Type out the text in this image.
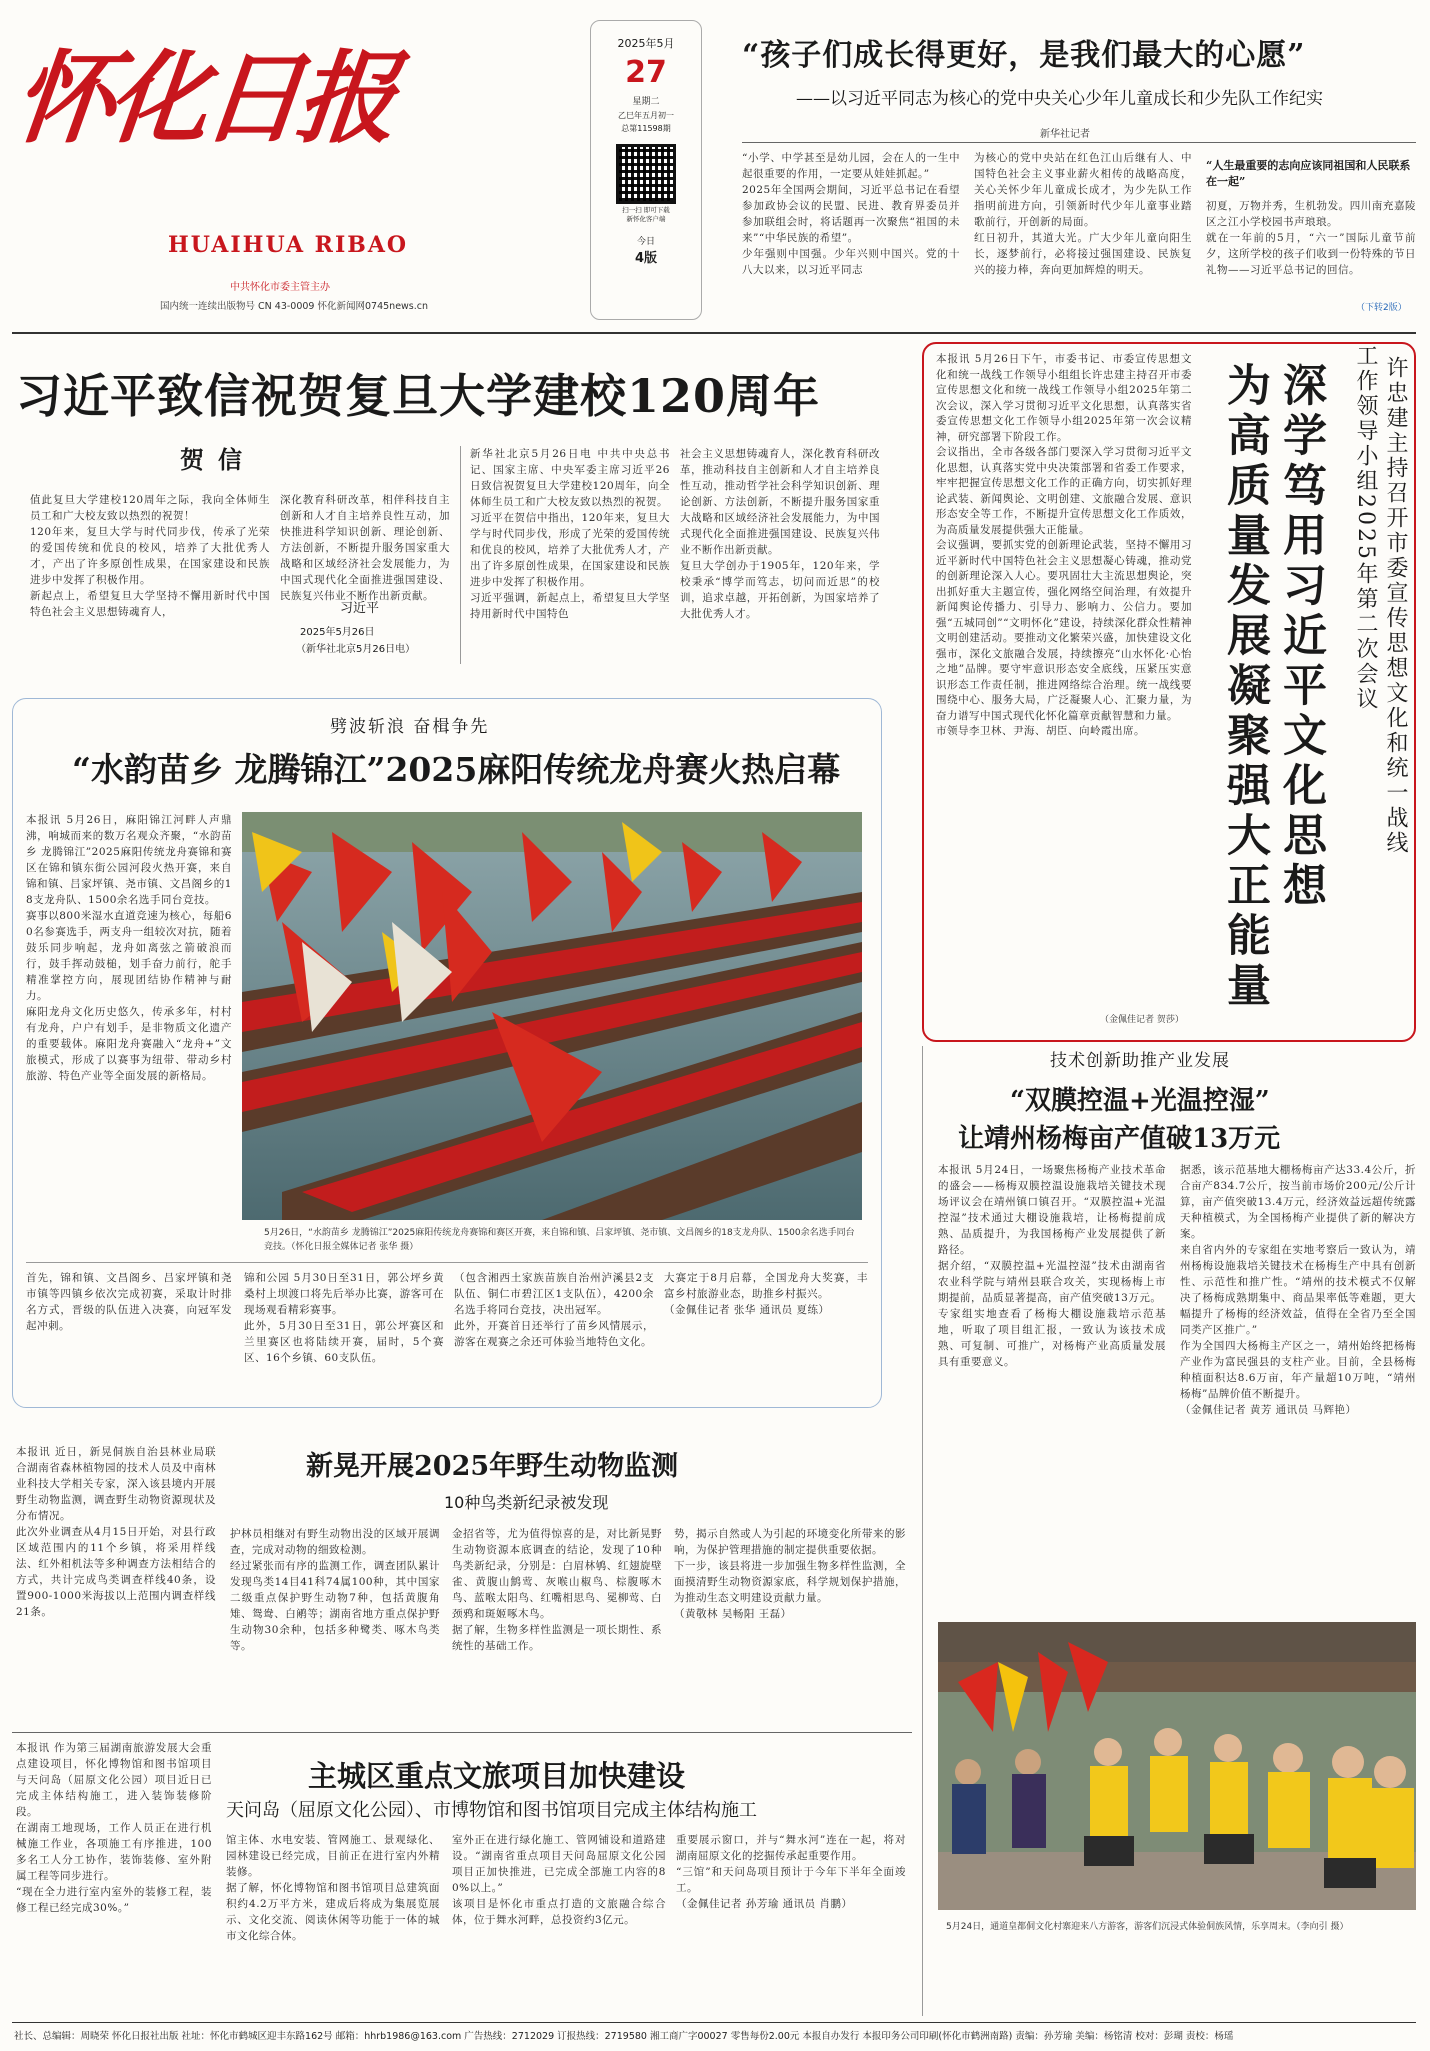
怀化日报
HUAIHUA RIBAO
中共怀化市委主管主办
国内统一连续出版物号 CN 43-0009 怀化新闻网0745news.cn
2025年5月
27
星期二
乙巳年五月初一
总第11598期
扫一扫 即可下载
新怀化客户端
今日
4版
“孩子们成长得更好，是我们最大的心愿”
——以习近平同志为核心的党中央关心少年儿童成长和少先队工作纪实
新华社记者
“小学、中学甚至是幼儿园，会在人的一生中起很重要的作用，一定要从娃娃抓起。”
2025年全国两会期间，习近平总书记在看望参加政协会议的民盟、民进、教育界委员并参加联组会时，将话题再一次聚焦“祖国的未来”“中华民族的希望”。
少年强则中国强。少年兴则中国兴。党的十八大以来，以习近平同志
为核心的党中央站在红色江山后继有人、中国特色社会主义事业薪火相传的战略高度，关心关怀少年儿童成长成才，为少先队工作指明前进方向，引领新时代少年儿童事业踏歌前行，开创新的局面。
红日初升，其道大光。广大少年儿童向阳生长，逐梦前行，必将接过强国建设、民族复兴的接力棒，奔向更加辉煌的明天。
“人生最重要的志向应该同祖国和人民联系在一起”
初夏，万物并秀，生机勃发。四川南充嘉陵区之江小学校园书声琅琅。
就在一年前的5月，“六一”国际儿童节前夕，这所学校的孩子们收到一份特殊的节日礼物——习近平总书记的回信。
（下转2版）
习近平致信祝贺复旦大学建校120周年
贺信
值此复旦大学建校120周年之际，我向全体师生员工和广大校友致以热烈的祝贺！
120年来，复旦大学与时代同步伐，传承了光荣的爱国传统和优良的校风，培养了大批优秀人才，产出了许多原创性成果，在国家建设和民族进步中发挥了积极作用。
新起点上，希望复旦大学坚持不懈用新时代中国特色社会主义思想铸魂育人，
深化教育科研改革，相伴科技自主创新和人才自主培养良性互动，加快推进科学知识创新、理论创新、方法创新，不断提升服务国家重大战略和区域经济社会发展能力，为中国式现代化全面推进强国建设、民族复兴伟业不断作出新贡献。
习近平
2025年5月26日
（新华社北京5月26日电）
新华社北京5月26日电 中共中央总书记、国家主席、中央军委主席习近平26日致信祝贺复旦大学建校120周年，向全体师生员工和广大校友致以热烈的祝贺。
习近平在贺信中指出，120年来，复旦大学与时代同步伐，形成了光荣的爱国传统和优良的校风，培养了大批优秀人才，产出了许多原创性成果，在国家建设和民族进步中发挥了积极作用。
习近平强调，新起点上，希望复旦大学坚持用新时代中国特色
社会主义思想铸魂育人，深化教育科研改革，推动科技自主创新和人才自主培养良性互动，推动哲学社会科学知识创新、理论创新、方法创新，不断提升服务国家重大战略和区域经济社会发展能力，为中国式现代化全面推进强国建设、民族复兴伟业不断作出新贡献。
复旦大学创办于1905年，120年来，学校秉承“博学而笃志，切问而近思”的校训，追求卓越，开拓创新，为国家培养了大批优秀人才。	许忠建主持召开市委宣传思想文化和统一战线
工作领导小组2025年第二次会议
深学笃用习近平文化思想
为高质量发展凝聚强大正能量
本报讯 5月26日下午，市委书记、市委宣传思想文化和统一战线工作领导小组组长许忠建主持召开市委宣传思想文化和统一战线工作领导小组2025年第二次会议，深入学习贯彻习近平文化思想，认真落实省委宣传思想文化工作领导小组2025年第一次会议精神，研究部署下阶段工作。
会议指出，全市各级各部门要深入学习贯彻习近平文化思想，认真落实党中央决策部署和省委工作要求，牢牢把握宣传思想文化工作的正确方向，切实抓好理论武装、新闻舆论、文明创建、文旅融合发展、意识形态安全等工作，不断提升宣传思想文化工作质效，为高质量发展提供强大正能量。
会议强调，要抓实党的创新理论武装，坚持不懈用习近平新时代中国特色社会主义思想凝心铸魂，推动党的创新理论深入人心。要巩固壮大主流思想舆论，突出抓好重大主题宣传，强化网络空间治理，有效提升新闻舆论传播力、引导力、影响力、公信力。要加强“五城同创”“文明怀化”建设，持续深化群众性精神文明创建活动。要推动文化繁荣兴盛，加快建设文化强市，深化文旅融合发展，持续擦亮“山水怀化·心怡之地”品牌。要守牢意识形态安全底线，压紧压实意识形态工作责任制，推进网络综合治理。统一战线要围绕中心、服务大局，广泛凝聚人心、汇聚力量，为奋力谱写中国式现代化怀化篇章贡献智慧和力量。
市领导李卫林、尹海、胡臣、向岭霞出席。
（金佩佳记者 贺莎）
劈波斩浪 奋楫争先
“水韵苗乡 龙腾锦江”2025麻阳传统龙舟赛火热启幕
本报讯 5月26日，麻阳锦江河畔人声鼎沸，响城而来的数万名观众齐聚，“水韵苗乡 龙腾锦江”2025麻阳传统龙舟赛锦和赛区在锦和镇东街公园河段火热开赛，来自锦和镇、吕家坪镇、尧市镇、文昌阁乡的18支龙舟队、1500余名选手同台竞技。
赛事以800米湿水直道竞速为核心，每船60名参赛选手，两支舟一组较次对抗，随着鼓乐同步响起，龙舟如离弦之箭破浪而行，鼓手挥动鼓槌，划手奋力前行，舵手精准掌控方向，展现团结协作精神与耐力。
麻阳龙舟文化历史悠久，传承多年，村村有龙舟，户户有划手，是非物质文化遗产的重要载体。麻阳龙舟赛融入“龙舟+”文旅模式，形成了以赛事为纽带、带动乡村旅游、特色产业等全面发展的新格局。
5月26日，“水韵苗乡 龙腾锦江”2025麻阳传统龙舟赛锦和赛区开赛，来自锦和镇、吕家坪镇、尧市镇、文昌阁乡的18支龙舟队、1500余名选手同台竞技。（怀化日报全媒体记者 张华 摄）
首先，锦和镇、文昌阁乡、吕家坪镇和尧市镇等四镇乡依次完成初赛，采取计时排名方式，晋级的队伍进入决赛，向冠军发起冲刺。
锦和公园 5月30日至31日，郭公坪乡黄桑村上坝渡口将先后举办比赛，游客可在现场观看精彩赛事。
此外，5月30日至31日，郭公坪赛区和兰里赛区也将陆续开赛，届时，5个赛区、16个乡镇、60支队伍。
（包含湘西土家族苗族自治州泸溪县2支队伍、铜仁市碧江区1支队伍），4200余名选手将同台竞技，决出冠军。
此外，开赛首日还举行了苗乡风情展示，游客在观赛之余还可体验当地特色文化。
大赛定于8月启幕，全国龙舟大奖赛，丰富乡村旅游业态，助推乡村振兴。
（金佩佳记者 张华 通讯员 夏练）
技术创新助推产业发展
“双膜控温+光温控湿”
让靖州杨梅亩产值破13万元
本报讯 5月24日，一场聚焦杨梅产业技术革命的盛会——杨梅双膜控温设施栽培关键技术现场评议会在靖州镇口镇召开。“双膜控温+光温控湿”技术通过大棚设施栽培，让杨梅提前成熟、品质提升，为我国杨梅产业发展提供了新路径。
据介绍，“双膜控温+光温控湿”技术由湖南省农业科学院与靖州县联合攻关，实现杨梅上市期提前，品质显著提高，亩产值突破13万元。
专家组实地查看了杨梅大棚设施栽培示范基地，听取了项目组汇报，一致认为该技术成熟、可复制、可推广，对杨梅产业高质量发展具有重要意义。
据悉，该示范基地大棚杨梅亩产达33.4公斤，折合亩产834.7公斤，按当前市场价200元/公斤计算，亩产值突破13.4万元，经济效益远超传统露天种植模式，为全国杨梅产业提供了新的解决方案。
来自省内外的专家组在实地考察后一致认为，靖州杨梅设施栽培关键技术在杨梅生产中具有创新性、示范性和推广性。“靖州的技术模式不仅解决了杨梅成熟期集中、商品果率低等难题，更大幅提升了杨梅的经济效益，值得在全省乃至全国同类产区推广。”
作为全国四大杨梅主产区之一，靖州始终把杨梅产业作为富民强县的支柱产业。目前，全县杨梅种植面积达8.6万亩，年产量超10万吨，“靖州杨梅”品牌价值不断提升。
（金佩佳记者 黄芳 通讯员 马辉艳）
新晃开展2025年野生动物监测
10种鸟类新纪录被发现
本报讯 近日，新晃侗族自治县林业局联合湖南省森林植物园的技术人员及中南林业科技大学相关专家，深入该县境内开展野生动物监测，调查野生动物资源现状及分布情况。
此次外业调查从4月15日开始，对县行政区域范围内的11个乡镇，将采用样线法、红外相机法等多种调查方法相结合的方式，共计完成鸟类调查样线40条，设置900-1000米海拔以上范围内调查样线21条。
护林员相继对有野生动物出没的区域开展调查，完成对动物的细致检测。
经过紧张而有序的监测工作，调查团队累计发现鸟类14目41科74属100种，其中国家二级重点保护野生动物7种，包括黄腹角雉、鸳鸯、白鹇等；湖南省地方重点保护野生动物30余种，包括多种鹭类、啄木鸟类等。
金招省等，尤为值得惊喜的是，对比新晃野生动物资源本底调查的结论，发现了10种鸟类新纪录，分别是：白眉林鸲、红翅旋壁雀、黄腹山鹪莺、灰喉山椒鸟、棕腹啄木鸟、蓝喉太阳鸟、红嘴相思鸟、冕柳莺、白颈鸦和斑姬啄木鸟。
据了解，生物多样性监测是一项长期性、系统性的基础工作。
势，揭示自然或人为引起的环境变化所带来的影响，为保护管理措施的制定提供重要依据。
下一步，该县将进一步加强生物多样性监测，全面摸清野生动物资源家底，科学规划保护措施，为推动生态文明建设贡献力量。
（黄敬林 吴畅阳 王磊）
主城区重点文旅项目加快建设
天问岛（屈原文化公园）、市博物馆和图书馆项目完成主体结构施工
本报讯 作为第三届湖南旅游发展大会重点建设项目，怀化博物馆和图书馆项目与天问岛（屈原文化公园）项目近日已完成主体结构施工，进入装饰装修阶段。
在湖南工地现场，工作人员正在进行机械施工作业，各项施工有序推进，100多名工人分工协作，装饰装修、室外附属工程等同步进行。
“现在全力进行室内室外的装修工程，装修工程已经完成30%。”
馆主体、水电安装、管网施工、景观绿化、园林建设已经完成，目前正在进行室内外精装修。
据了解，怀化博物馆和图书馆项目总建筑面积约4.2万平方米，建成后将成为集展览展示、文化交流、阅读休闲等功能于一体的城市文化综合体。
室外正在进行绿化施工、管网铺设和道路建设。“湖南省重点项目天问岛屈原文化公园项目正加快推进，已完成全部施工内容的80%以上。”
该项目是怀化市重点打造的文旅融合综合体，位于舞水河畔，总投资约3亿元。
重要展示窗口，并与“舞水河”连在一起，将对湖南屈原文化的挖掘传承起重要作用。
“三馆”和天问岛项目预计于今年下半年全面竣工。
（金佩佳记者 孙芳瑜 通讯员 肖鹏）
5月24日，通道皇都侗文化村寨迎来八方游客，游客们沉浸式体验侗族风情，乐享周末。（李向引 摄）
社长、总编辑：周晓荣 怀化日报社出版 社址：怀化市鹤城区迎丰东路162号 邮箱：hhrb1986@163.com 广告热线：2712029 订报热线：2719580 湘工商广字00027 零售每份2.00元 本报自办发行 本报印务公司印刷(怀化市鹤洲南路) 责编：孙芳瑜 美编：杨铭清 校对：彭瑚 责校：杨瑶
